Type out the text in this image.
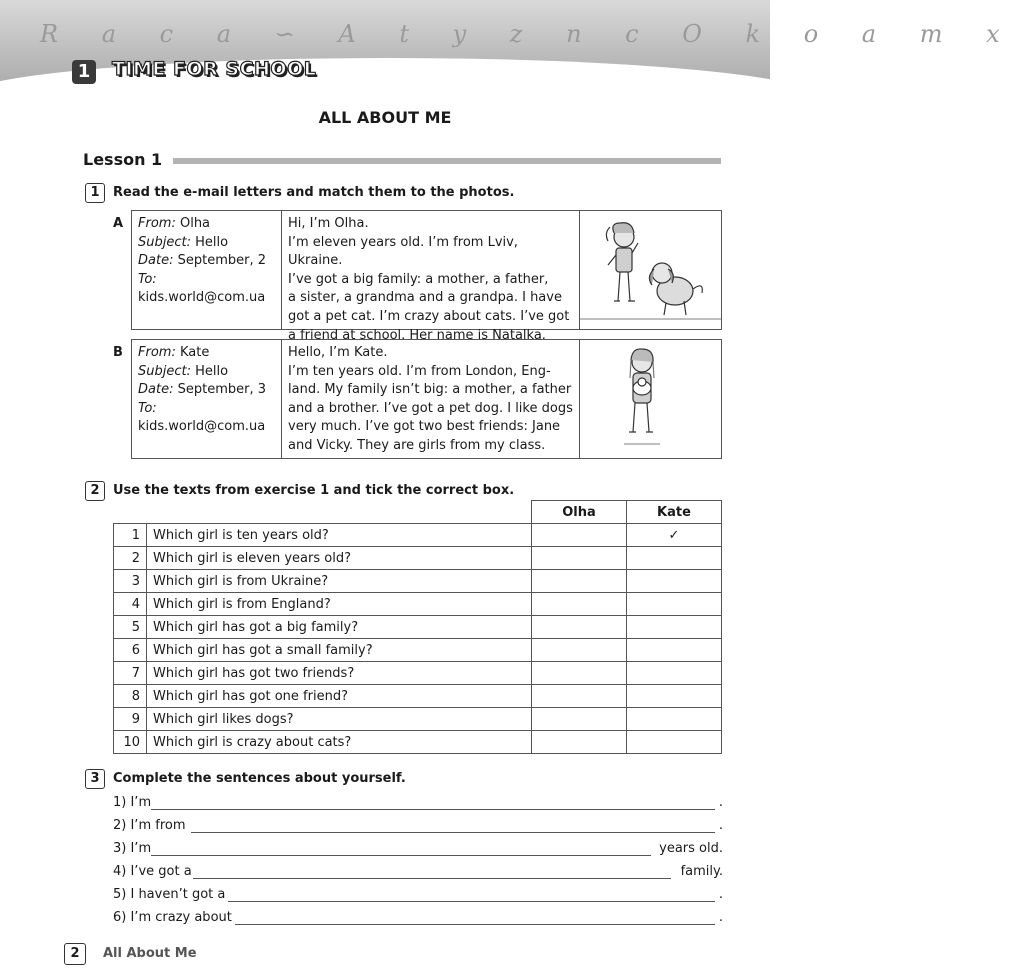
R a c a ∽ A t y z n c O k o a m x
1	TIME FOR SCHOOL
ALL ABOUT ME
Lesson 1
1	Read the e-mail letters and match them to the photos.
A From: Olha
Subject: Hello
Date: September, 2
To:
kids.world@com.ua
Hi, I’m Olha.
I’m eleven years old. I’m from Lviv, Ukraine.
I’ve got a big family: a mother, a father,
a sister, a grandma and a grandpa. I have
got a pet cat. I’m crazy about cats. I’ve got
a friend at school. Her name is Natalka.
B From: Kate
Subject: Hello
Date: September, 3
To:
kids.world@com.ua
Hello, I’m Kate.
I’m ten years old. I’m from London, Eng-
land. My family isn’t big: a mother, a father
and a brother. I’ve got a pet dog. I like dogs
very much. I’ve got two best friends: Jane
and Vicky. They are girls from my class.
2	Use the texts from exercise 1 and tick the correct box.
		Olha	Kate
1	Which girl is ten years old?		✓
2	Which girl is eleven years old?		
3	Which girl is from Ukraine?		
4	Which girl is from England?		
5	Which girl has got a big family?		
6	Which girl has got a small family?		
7	Which girl has got two friends?		
8	Which girl has got one friend?		
9	Which girl likes dogs?		
10	Which girl is crazy about cats?		
3	Complete the sentences about yourself.
1) I’m	.
2) I’m from	.
3) I’m	years old.
4) I’ve got a	family.
5) I haven’t got a	.
6) I’m crazy about	.
2	All About Me
